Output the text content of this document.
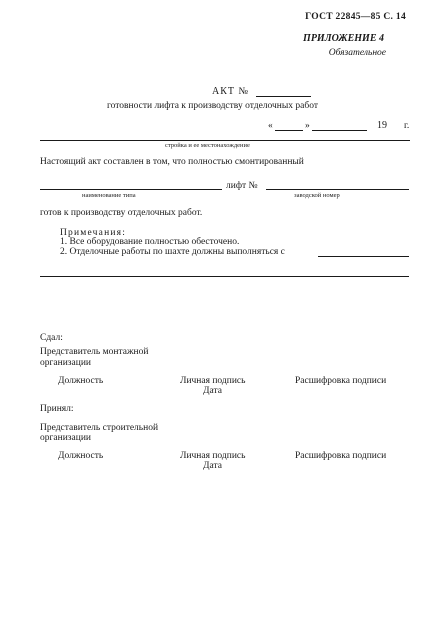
ГОСТ 22845—85 С. 14
ПРИЛОЖЕНИЕ 4
Обязательное
АКТ №
готовности лифта к производству отделочных работ
«	»	19 г.
стройка и ее местонахождение
Настоящий акт составлен в том, что полностью смонтированный
лифт №
наименование типа	заводской номер
готов к производству отделочных работ.
Примечания:
1. Все оборудование полностью обесточено.
2. Отделочные работы по шахте должны выполняться с
Сдал:
Представитель монтажной
организации
Должность	Личная подпись
Дата
Расшифровка подписи
Принял:
Представитель строительной
организации
Должность	Личная подпись
Дата
Расшифровка подписи
